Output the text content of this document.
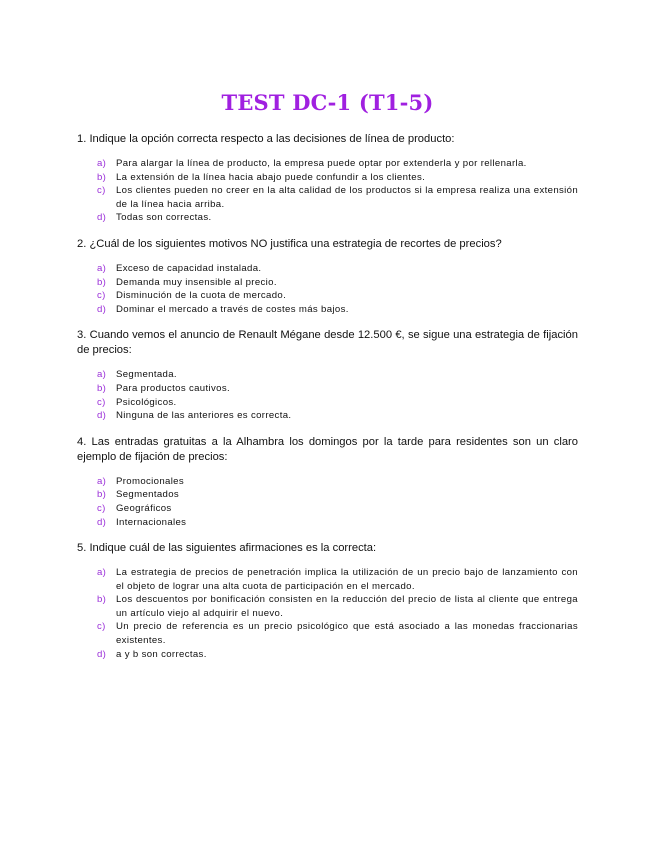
TEST DC-1 (T1-5)

1. Indique la opción correcta respecto a las decisiones de línea de producto:

a) Para alargar la línea de producto, la empresa puede optar por extenderla y por rellenarla.
b) La extensión de la línea hacia abajo puede confundir a los clientes.
c) Los clientes pueden no creer en la alta calidad de los productos si la empresa realiza una extensión de la línea hacia arriba.
d) Todas son correctas.

2. ¿Cuál de los siguientes motivos NO justifica una estrategia de recortes de precios?

a) Exceso de capacidad instalada.
b) Demanda muy insensible al precio.
c) Disminución de la cuota de mercado.
d) Dominar el mercado a través de costes más bajos.

3. Cuando vemos el anuncio de Renault Mégane desde 12.500 €, se sigue una estrategia de fijación de precios:

a) Segmentada.
b) Para productos cautivos.
c) Psicológicos.
d) Ninguna de las anteriores es correcta.

4. Las entradas gratuitas a la Alhambra los domingos por la tarde para residentes son un claro ejemplo de fijación de precios:

a) Promocionales
b) Segmentados
c) Geográficos
d) Internacionales

5. Indique cuál de las siguientes afirmaciones es la correcta:

a) La estrategia de precios de penetración implica la utilización de un precio bajo de lanzamiento con el objeto de lograr una alta cuota de participación en el mercado.
b) Los descuentos por bonificación consisten en la reducción del precio de lista al cliente que entrega un artículo viejo al adquirir el nuevo.
c) Un precio de referencia es un precio psicológico que está asociado a las monedas fraccionarias existentes.
d) a y b son correctas.
